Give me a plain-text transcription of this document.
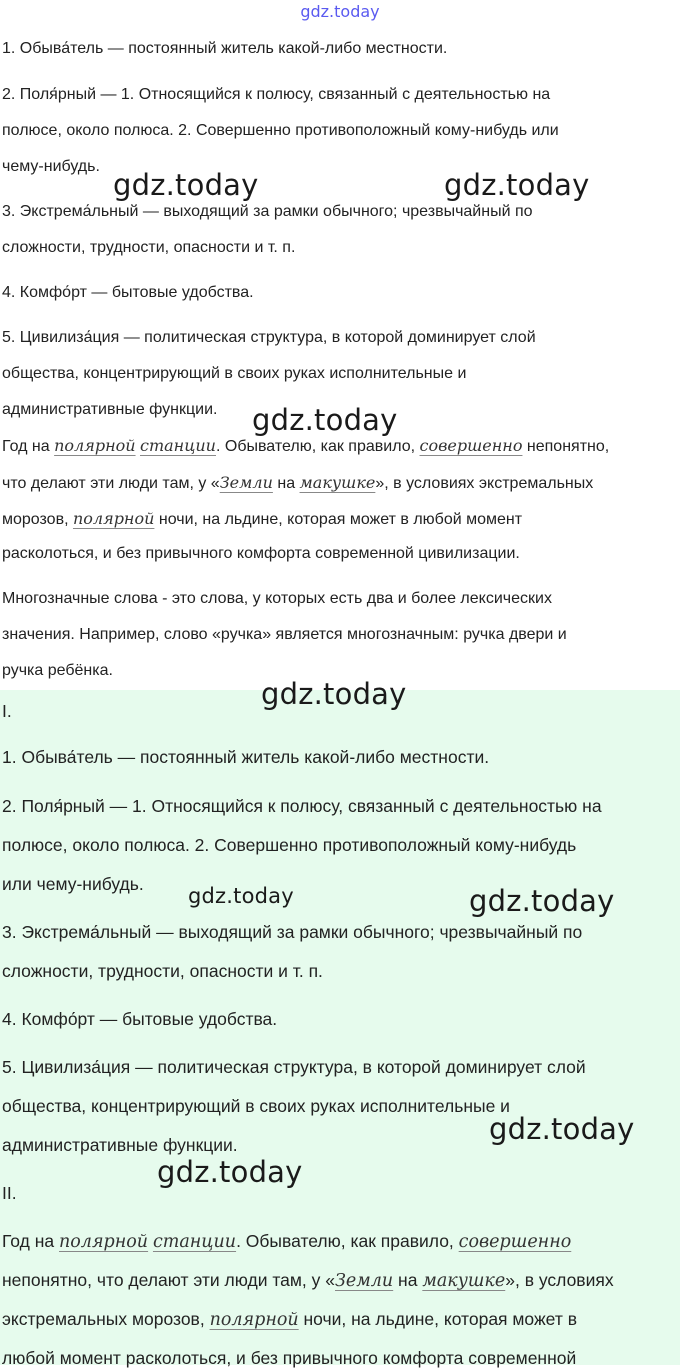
gdz.today
1. Обыва́тель — постоянный житель какой-либо местности.
2. Поля́рный — 1. Относящийся к полюсу, связанный с деятельностью на
полюсе, около полюса. 2. Совершенно противоположный кому-нибудь или
чему-нибудь.
3. Экстрема́льный — выходящий за рамки обычного; чрезвычайный по
сложности, трудности, опасности и т. п.
4. Комфо́рт — бытовые удобства.
5. Цивилиза́ция — политическая структура, в которой доминирует слой
общества, концентрирующий в своих руках исполнительные и
административные функции.
Год на полярной станции. Обывателю, как правило, совершенно непонятно,
что делают эти люди там, у «Земли на макушке», в условиях экстремальных
морозов, полярной ночи, на льдине, которая может в любой момент
расколоться, и без привычного комфорта современной цивилизации.
Многозначные слова - это слова, у которых есть два и более лексических
значения. Например, слово «ручка» является многозначным: ручка двери и
ручка ребёнка.
gdz.today	gdz.today
gdz.today
I.
1. Обыва́тель — постоянный житель какой-либо местности.
2. Поля́рный — 1. Относящийся к полюсу, связанный с деятельностью на
полюсе, около полюса. 2. Совершенно противоположный кому-нибудь
или чему-нибудь.
3. Экстрема́льный — выходящий за рамки обычного; чрезвычайный по
сложности, трудности, опасности и т. п.
4. Комфо́рт — бытовые удобства.
5. Цивилиза́ция — политическая структура, в которой доминирует слой
общества, концентрирующий в своих руках исполнительные и
административные функции.
II.
Год на полярной станции. Обывателю, как правило, совершенно
непонятно, что делают эти люди там, у «Земли на макушке», в условиях
экстремальных морозов, полярной ночи, на льдине, которая может в
любой момент расколоться, и без привычного комфорта современной
gdz.today
gdz.today	gdz.today
gdz.today
gdz.today
